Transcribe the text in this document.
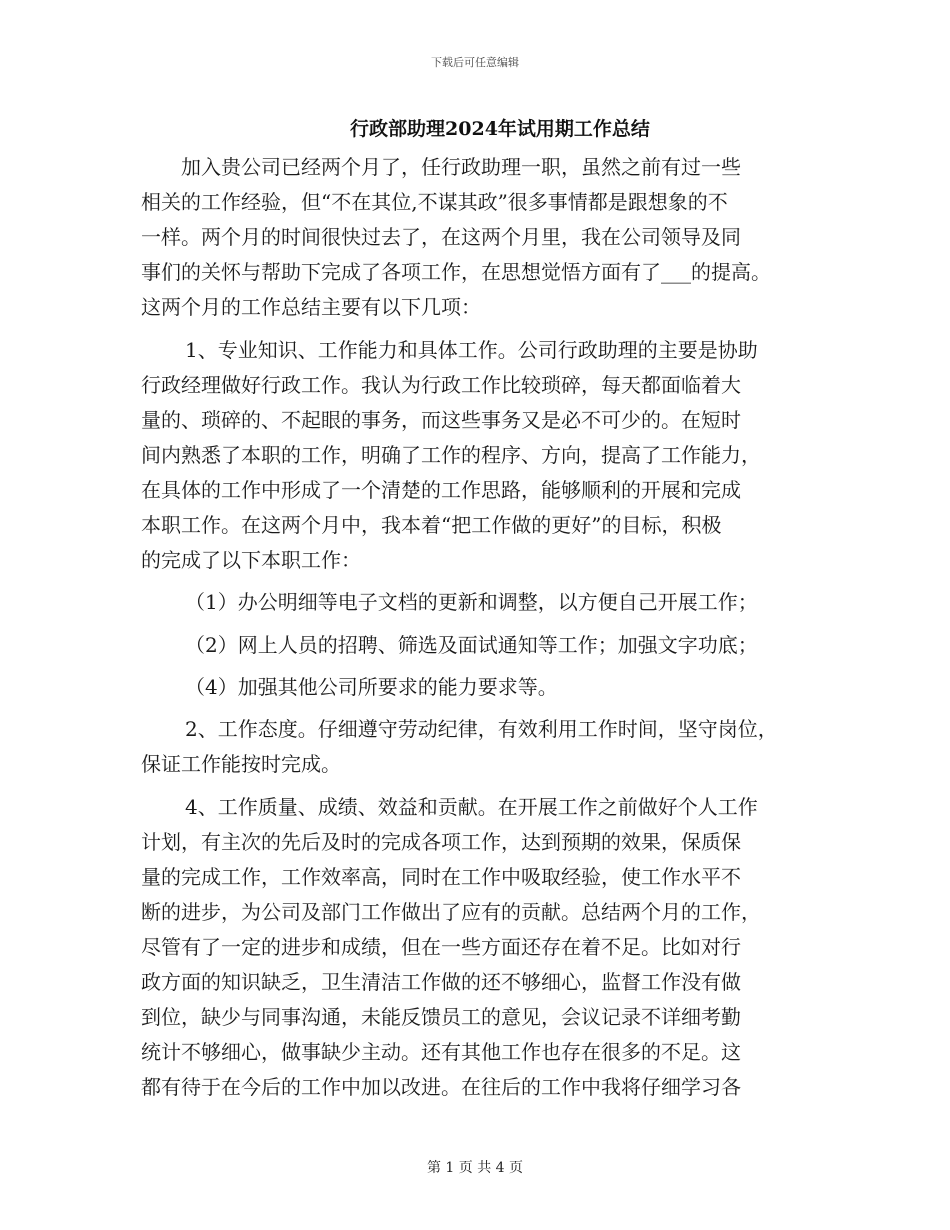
下载后可任意编辑
行政部助理2024年试用期工作总结
加入贵公司已经两个月了，任行政助理一职，虽然之前有过一些
相关的工作经验，但“不在其位,不谋其政”很多事情都是跟想象的不
一样。两个月的时间很快过去了，在这两个月里，我在公司领导及同
事们的关怀与帮助下完成了各项工作，在思想觉悟方面有了___的提高。
这两个月的工作总结主要有以下几项：
1、专业知识、工作能力和具体工作。公司行政助理的主要是协助
行政经理做好行政工作。我认为行政工作比较琐碎，每天都面临着大
量的、琐碎的、不起眼的事务，而这些事务又是必不可少的。在短时
间内熟悉了本职的工作，明确了工作的程序、方向，提高了工作能力，
在具体的工作中形成了一个清楚的工作思路，能够顺利的开展和完成
本职工作。在这两个月中，我本着“把工作做的更好”的目标，积极
的完成了以下本职工作：
（1）办公明细等电子文档的更新和调整，以方便自己开展工作；
（2）网上人员的招聘、筛选及面试通知等工作；加强文字功底；
（4）加强其他公司所要求的能力要求等。
2、工作态度。仔细遵守劳动纪律，有效利用工作时间，坚守岗位，
保证工作能按时完成。
4、工作质量、成绩、效益和贡献。在开展工作之前做好个人工作
计划，有主次的先后及时的完成各项工作，达到预期的效果，保质保
量的完成工作，工作效率高，同时在工作中吸取经验，使工作水平不
断的进步，为公司及部门工作做出了应有的贡献。总结两个月的工作，
尽管有了一定的进步和成绩，但在一些方面还存在着不足。比如对行
政方面的知识缺乏，卫生清洁工作做的还不够细心，监督工作没有做
到位，缺少与同事沟通，未能反馈员工的意见，会议记录不详细考勤
统计不够细心，做事缺少主动。还有其他工作也存在很多的不足。这
都有待于在今后的工作中加以改进。在往后的工作中我将仔细学习各
第 1 页 共 4 页
